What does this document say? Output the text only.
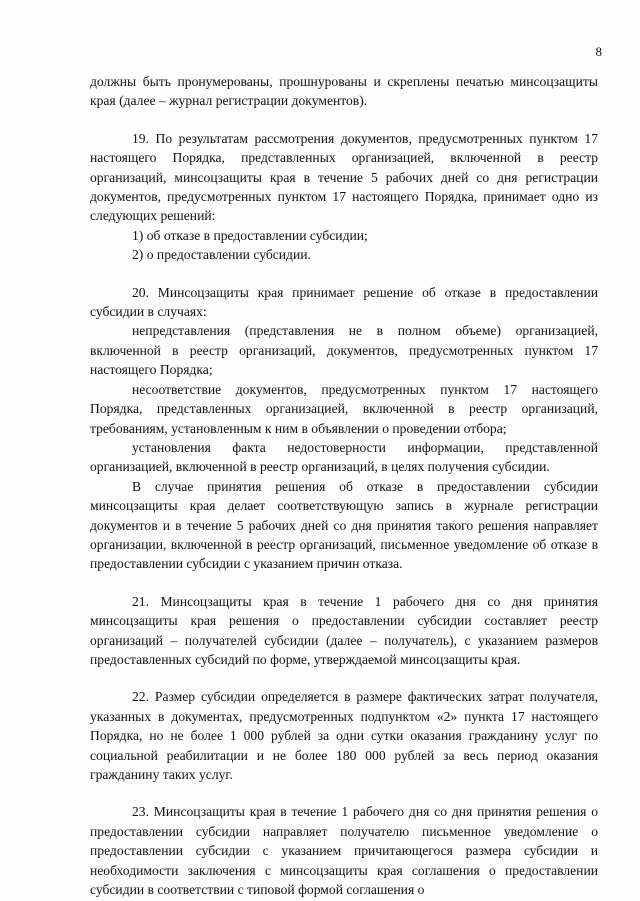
8

должны быть пронумерованы, прошнурованы и скреплены печатью минсоцзащиты края (далее – журнал регистрации документов).

19. По результатам рассмотрения документов, предусмотренных пунктом 17 настоящего Порядка, представленных организацией, включенной в реестр организаций, минсоцзащиты края в течение 5 рабочих дней со дня регистрации документов, предусмотренных пунктом 17 настоящего Порядка, принимает одно из следующих решений:

1) об отказе в предоставлении субсидии;

2) о предоставлении субсидии.

20. Минсоцзащиты края принимает решение об отказе в предоставлении субсидии в случаях:

непредставления (представления не в полном объеме) организацией, включенной в реестр организаций, документов, предусмотренных пунктом 17 настоящего Порядка;

несоответствие документов, предусмотренных пунктом 17 настоящего Порядка, представленных организацией, включенной в реестр организаций, требованиям, установленным к ним в объявлении о проведении отбора;

установления факта недостоверности информации, представленной организацией, включенной в реестр организаций, в целях получения субсидии.

В случае принятия решения об отказе в предоставлении субсидии минсоцзащиты края делает соответствующую запись в журнале регистрации документов и в течение 5 рабочих дней со дня принятия такого решения направляет организации, включенной в реестр организаций, письменное уведомление об отказе в предоставлении субсидии с указанием причин отказа.

21. Минсоцзащиты края в течение 1 рабочего дня со дня принятия минсоцзащиты края решения о предоставлении субсидии составляет реестр организаций – получателей субсидии (далее – получатель), с указанием размеров предоставленных субсидий по форме, утверждаемой минсоцзащиты края.

22. Размер субсидии определяется в размере фактических затрат получателя, указанных в документах, предусмотренных подпунктом «2» пункта 17 настоящего Порядка, но не более 1 000 рублей за одни сутки оказания гражданину услуг по социальной реабилитации и не более 180 000 рублей за весь период оказания гражданину таких услуг.

23. Минсоцзащиты края в течение 1 рабочего дня со дня принятия решения о предоставлении субсидии направляет получателю письменное уведомление о предоставлении субсидии с указанием причитающегося размера субсидии и необходимости заключения с минсоцзащиты края соглашения о предоставлении субсидии в соответствии с типовой формой соглашения о
